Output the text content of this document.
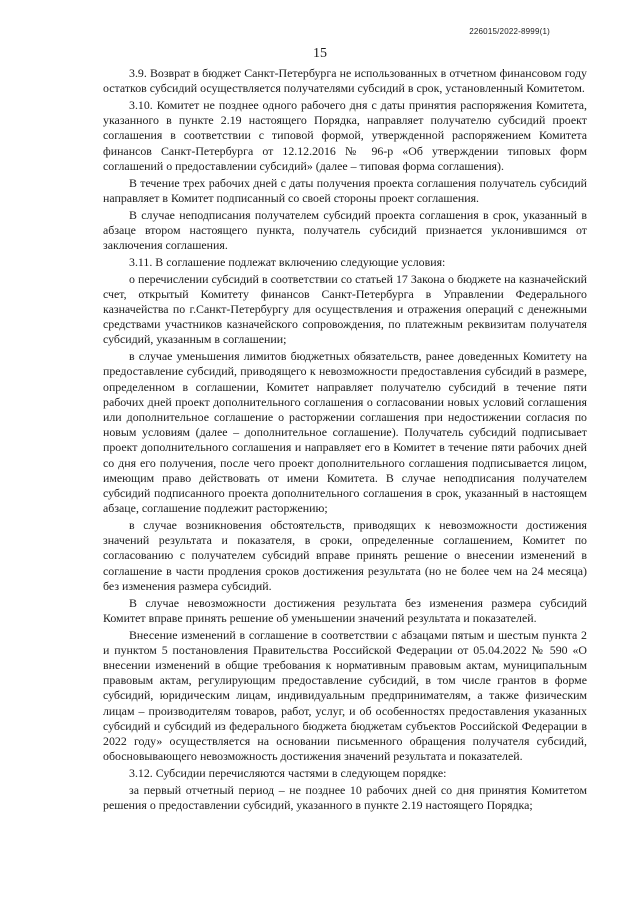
226015/2022-8999(1)
15

3.9. Возврат в бюджет Санкт-Петербурга не использованных в отчетном финансовом году остатков субсидий осуществляется получателями субсидий в срок, установленный Комитетом.

3.10. Комитет не позднее одного рабочего дня с даты принятия распоряжения Комитета, указанного в пункте 2.19 настоящего Порядка, направляет получателю субсидий проект соглашения в соответствии с типовой формой, утвержденной распоряжением Комитета финансов Санкт-Петербурга от 12.12.2016 № 96-р «Об утверждении типовых форм соглашений о предоставлении субсидий» (далее – типовая форма соглашения).

В течение трех рабочих дней с даты получения проекта соглашения получатель субсидий направляет в Комитет подписанный со своей стороны проект соглашения.

В случае неподписания получателем субсидий проекта соглашения в срок, указанный в абзаце втором настоящего пункта, получатель субсидий признается уклонившимся от заключения соглашения.

3.11. В соглашение подлежат включению следующие условия:

о перечислении субсидий в соответствии со статьей 17 Закона о бюджете на казначейский счет, открытый Комитету финансов Санкт-Петербурга в Управлении Федерального казначейства по г.Санкт-Петербургу для осуществления и отражения операций с денежными средствами участников казначейского сопровождения, по платежным реквизитам получателя субсидий, указанным в соглашении;

в случае уменьшения лимитов бюджетных обязательств, ранее доведенных Комитету на предоставление субсидий, приводящего к невозможности предоставления субсидий в размере, определенном в соглашении, Комитет направляет получателю субсидий в течение пяти рабочих дней проект дополнительного соглашения о согласовании новых условий соглашения или дополнительное соглашение о расторжении соглашения при недостижении согласия по новым условиям (далее – дополнительное соглашение). Получатель субсидий подписывает проект дополнительного соглашения и направляет его в Комитет в течение пяти рабочих дней со дня его получения, после чего проект дополнительного соглашения подписывается лицом, имеющим право действовать от имени Комитета. В случае неподписания получателем субсидий подписанного проекта дополнительного соглашения в срок, указанный в настоящем абзаце, соглашение подлежит расторжению;

в случае возникновения обстоятельств, приводящих к невозможности достижения значений результата и показателя, в сроки, определенные соглашением, Комитет по согласованию с получателем субсидий вправе принять решение о внесении изменений в соглашение в части продления сроков достижения результата (но не более чем на 24 месяца) без изменения размера субсидий.

В случае невозможности достижения результата без изменения размера субсидий Комитет вправе принять решение об уменьшении значений результата и показателей.

Внесение изменений в соглашение в соответствии с абзацами пятым и шестым пункта 2 и пунктом 5 постановления Правительства Российской Федерации от 05.04.2022 № 590 «О внесении изменений в общие требования к нормативным правовым актам, муниципальным правовым актам, регулирующим предоставление субсидий, в том числе грантов в форме субсидий, юридическим лицам, индивидуальным предпринимателям, а также физическим лицам – производителям товаров, работ, услуг, и об особенностях предоставления указанных субсидий и субсидий из федерального бюджета бюджетам субъектов Российской Федерации в 2022 году» осуществляется на основании письменного обращения получателя субсидий, обосновывающего невозможность достижения значений результата и показателей.

3.12. Субсидии перечисляются частями в следующем порядке:

за первый отчетный период – не позднее 10 рабочих дней со дня принятия Комитетом решения о предоставлении субсидий, указанного в пункте 2.19 настоящего Порядка;
